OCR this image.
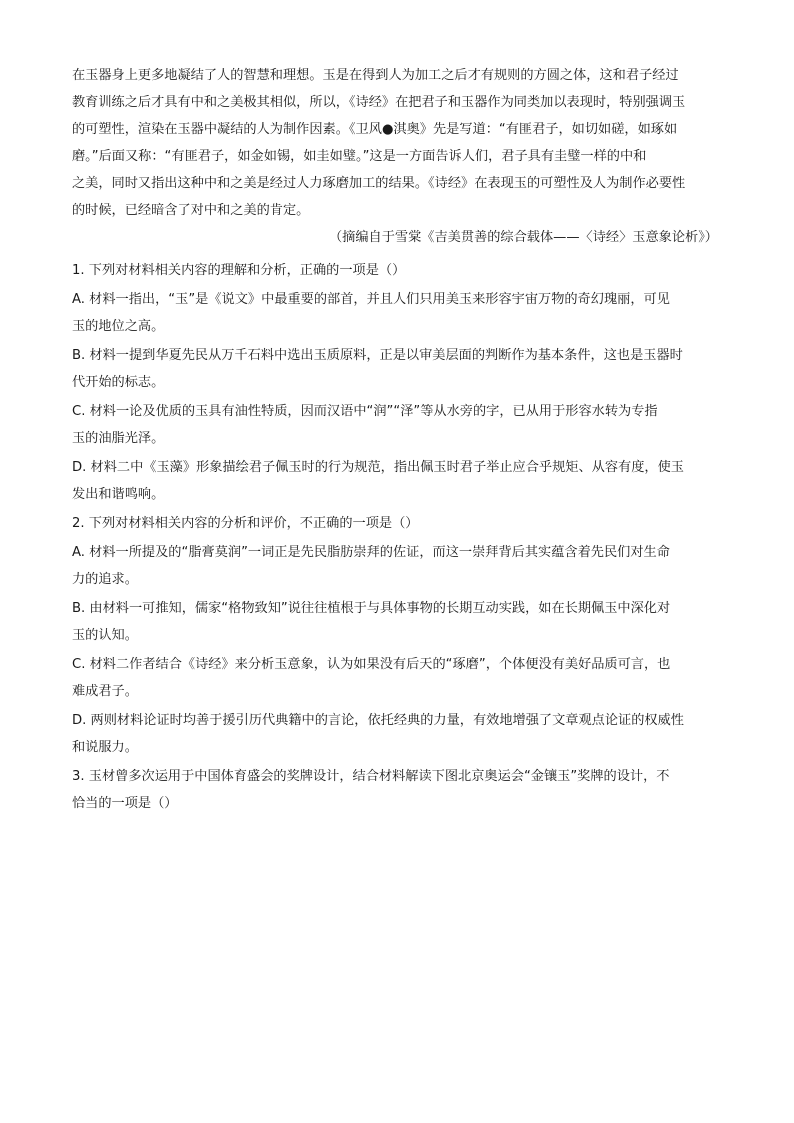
在玉器身上更多地凝结了人的智慧和理想。玉是在得到人为加工之后才有规则的方圆之体，这和君子经过

教育训练之后才具有中和之美极其相似，所以，《诗经》在把君子和玉器作为同类加以表现时，特别强调玉

的可塑性，渲染在玉器中凝结的人为制作因素。《卫风●淇奥》先是写道：“有匪君子，如切如磋，如琢如

磨。”后面又称：“有匪君子，如金如锡，如圭如璧。”这是一方面告诉人们，君子具有圭璧一样的中和

之美，同时又指出这种中和之美是经过人力琢磨加工的结果。《诗经》在表现玉的可塑性及人为制作必要性

的时候，已经暗含了对中和之美的肯定。

（摘编自于雪棠《吉美贯善的综合载体——〈诗经〉玉意象论析》）

1. 下列对材料相关内容的理解和分析，正确的一项是（）

A. 材料一指出，“玉”是《说文》中最重要的部首，并且人们只用美玉来形容宇宙万物的奇幻瑰丽，可见

玉的地位之高。

B. 材料一提到华夏先民从万千石料中选出玉质原料，正是以审美层面的判断作为基本条件，这也是玉器时

代开始的标志。

C. 材料一论及优质的玉具有油性特质，因而汉语中“润”“泽”等从水旁的字，已从用于形容水转为专指

玉的油脂光泽。

D. 材料二中《玉藻》形象描绘君子佩玉时的行为规范，指出佩玉时君子举止应合乎规矩、从容有度，使玉

发出和谐鸣响。

2. 下列对材料相关内容的分析和评价，不正确的一项是（）

A. 材料一所提及的“脂膏莫润”一词正是先民脂肪崇拜的佐证，而这一崇拜背后其实蕴含着先民们对生命

力的追求。

B. 由材料一可推知，儒家“格物致知”说往往植根于与具体事物的长期互动实践，如在长期佩玉中深化对

玉的认知。

C. 材料二作者结合《诗经》来分析玉意象，认为如果没有后天的“琢磨”，个体便没有美好品质可言，也

难成君子。

D. 两则材料论证时均善于援引历代典籍中的言论，依托经典的力量，有效地增强了文章观点论证的权威性

和说服力。

3. 玉材曾多次运用于中国体育盛会的奖牌设计，结合材料解读下图北京奥运会“金镶玉”奖牌的设计，不

恰当的一项是（）
